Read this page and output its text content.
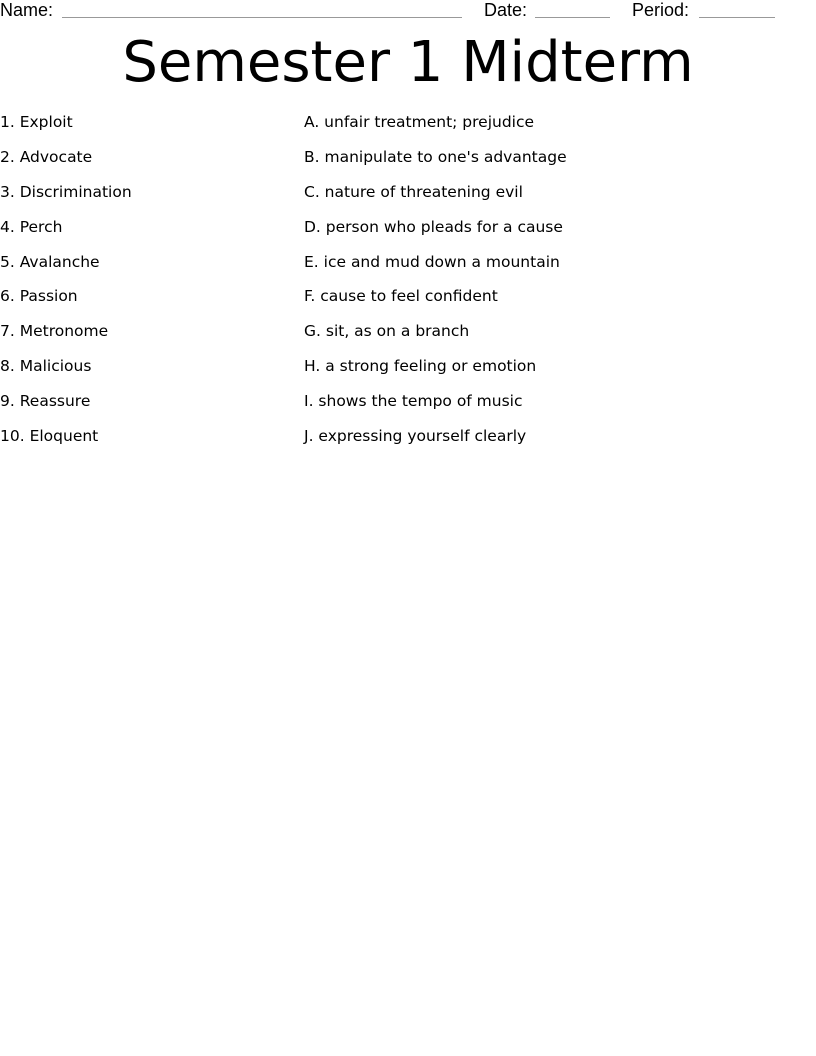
Name:	Date:	Period:
Semester 1 Midterm
1. Exploit
2. Advocate
3. Discrimination
4. Perch
5. Avalanche
6. Passion
7. Metronome
8. Malicious
9. Reassure
10. Eloquent
A. unfair treatment; prejudice
B. manipulate to one's advantage
C. nature of threatening evil
D. person who pleads for a cause
E. ice and mud down a mountain
F. cause to feel confident
G. sit, as on a branch
H. a strong feeling or emotion
I. shows the tempo of music
J. expressing yourself clearly
